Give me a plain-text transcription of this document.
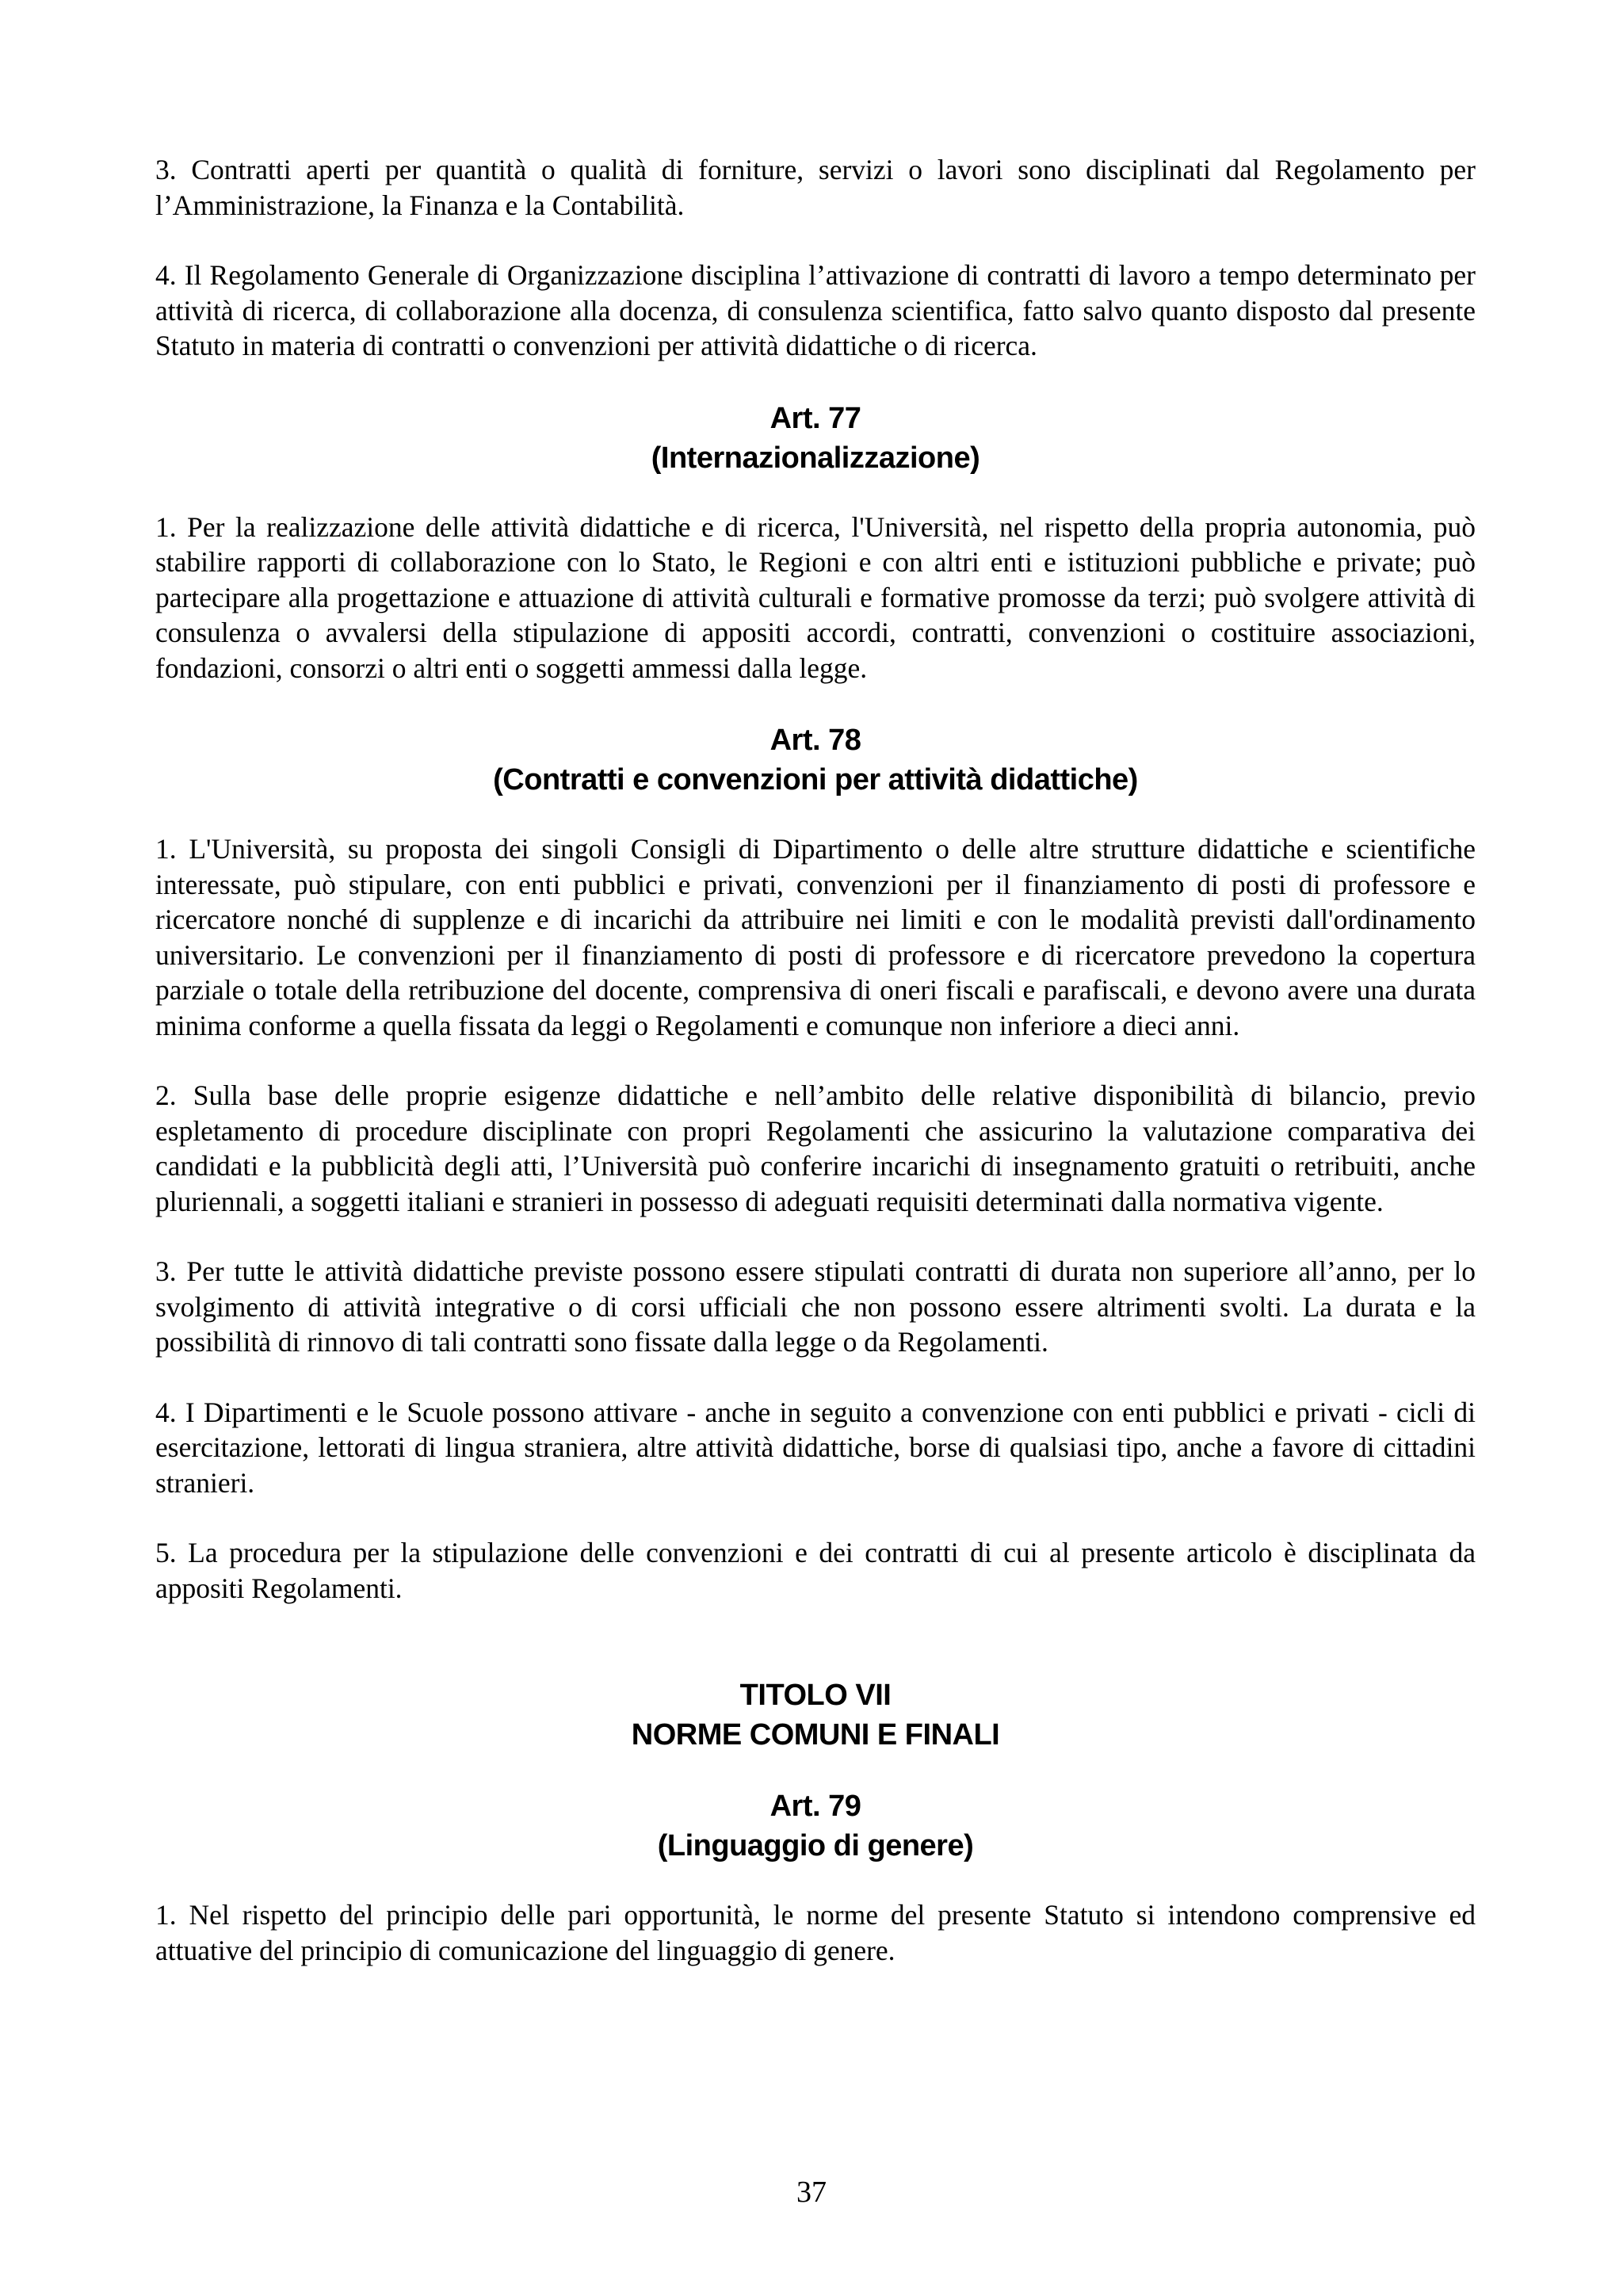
3. Contratti aperti per quantità o qualità di forniture, servizi o lavori sono disciplinati dal Regolamento per l’Amministrazione, la Finanza e la Contabilità.

4. Il Regolamento Generale di Organizzazione disciplina l’attivazione di contratti di lavoro a tempo determinato per attività di ricerca, di collaborazione alla docenza, di consulenza scientifica, fatto salvo quanto disposto dal presente Statuto in materia di contratti o convenzioni per attività didattiche o di ricerca.

Art. 77

(Internazionalizzazione)

1. Per la realizzazione delle attività didattiche e di ricerca, l'Università, nel rispetto della propria autonomia, può stabilire rapporti di collaborazione con lo Stato, le Regioni e con altri enti e istituzioni pubbliche e private; può partecipare alla progettazione e attuazione di attività culturali e formative promosse da terzi; può svolgere attività di consulenza o avvalersi della stipulazione di appositi accordi, contratti, convenzioni o costituire associazioni, fondazioni, consorzi o altri enti o soggetti ammessi dalla legge.

Art. 78

(Contratti e convenzioni per attività didattiche)

1. L'Università, su proposta dei singoli Consigli di Dipartimento o delle altre strutture didattiche e scientifiche interessate, può stipulare, con enti pubblici e privati, convenzioni per il finanziamento di posti di professore e ricercatore nonché di supplenze e di incarichi da attribuire nei limiti e con le modalità previsti dall'ordinamento universitario. Le convenzioni per il finanziamento di posti di professore e di ricercatore prevedono la copertura parziale o totale della retribuzione del docente, comprensiva di oneri fiscali e parafiscali, e devono avere una durata minima conforme a quella fissata da leggi o Regolamenti e comunque non inferiore a dieci anni.

2. Sulla base delle proprie esigenze didattiche e nell’ambito delle relative disponibilità di bilancio, previo espletamento di procedure disciplinate con propri Regolamenti che assicurino la valutazione comparativa dei candidati e la pubblicità degli atti, l’Università può conferire incarichi di insegnamento gratuiti o retribuiti, anche pluriennali, a soggetti italiani e stranieri in possesso di adeguati requisiti determinati dalla normativa vigente.

3. Per tutte le attività didattiche previste possono essere stipulati contratti di durata non superiore all’anno, per lo svolgimento di attività integrative o di corsi ufficiali che non possono essere altrimenti svolti. La durata e la possibilità di rinnovo di tali contratti sono fissate dalla legge o da Regolamenti.

4. I Dipartimenti e le Scuole possono attivare - anche in seguito a convenzione con enti pubblici e privati - cicli di esercitazione, lettorati di lingua straniera, altre attività didattiche, borse di qualsiasi tipo, anche a favore di cittadini stranieri.

5. La procedura per la stipulazione delle convenzioni e dei contratti di cui al presente articolo è disciplinata da appositi Regolamenti.

TITOLO VII

NORME COMUNI E FINALI

Art. 79

(Linguaggio di genere)

1. Nel rispetto del principio delle pari opportunità, le norme del presente Statuto si intendono comprensive ed attuative del principio di comunicazione del linguaggio di genere.

37
